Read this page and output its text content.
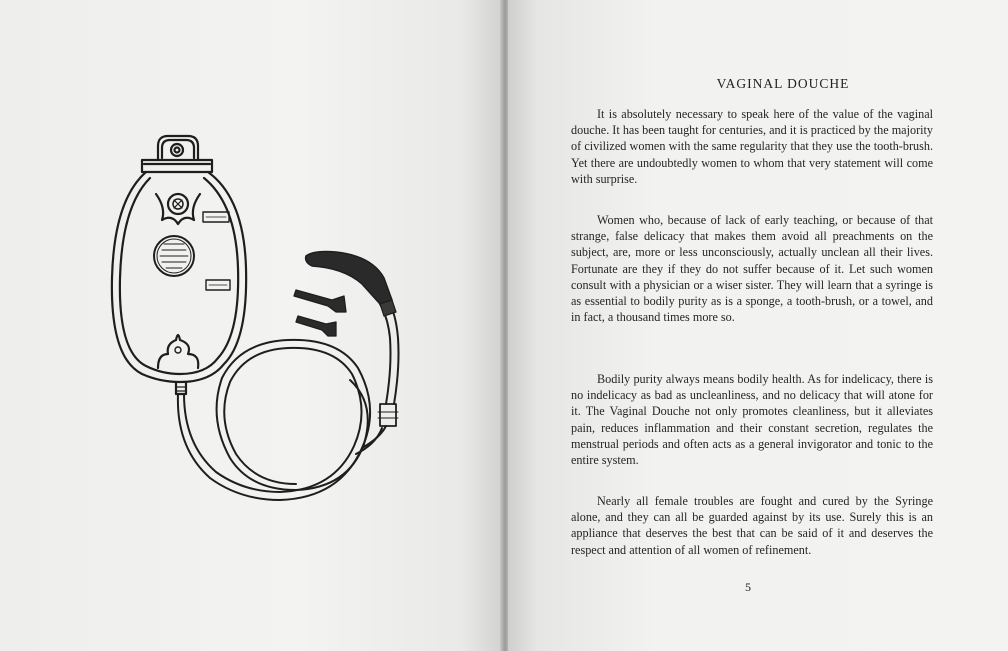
VAGINAL DOUCHE

It is absolutely necessary to speak here of the value of the vaginal douche. It has been taught for centuries, and it is practiced by the majority of civilized women with the same regularity that they use the tooth-brush. Yet there are undoubtedly women to whom that very statement will come with surprise.

Women who, because of lack of early teaching, or because of that strange, false delicacy that makes them avoid all preachments on the subject, are, more or less unconsciously, actually unclean all their lives. Fortunate are they if they do not suffer because of it. Let such women consult with a physician or a wiser sister. They will learn that a syringe is as essential to bodily purity as is a sponge, a tooth-brush, or a towel, and in fact, a thousand times more so.

Bodily purity always means bodily health. As for indelicacy, there is no indelicacy as bad as uncleanliness, and no delicacy that will atone for it. The Vaginal Douche not only promotes cleanliness, but it alleviates pain, reduces inflammation and their constant secretion, regulates the menstrual periods and often acts as a general invigorator and tonic to the entire system.

Nearly all female troubles are fought and cured by the Syringe alone, and they can all be guarded against by its use. Surely this is an appliance that deserves the best that can be said of it and deserves the respect and attention of all women of refinement.

5
